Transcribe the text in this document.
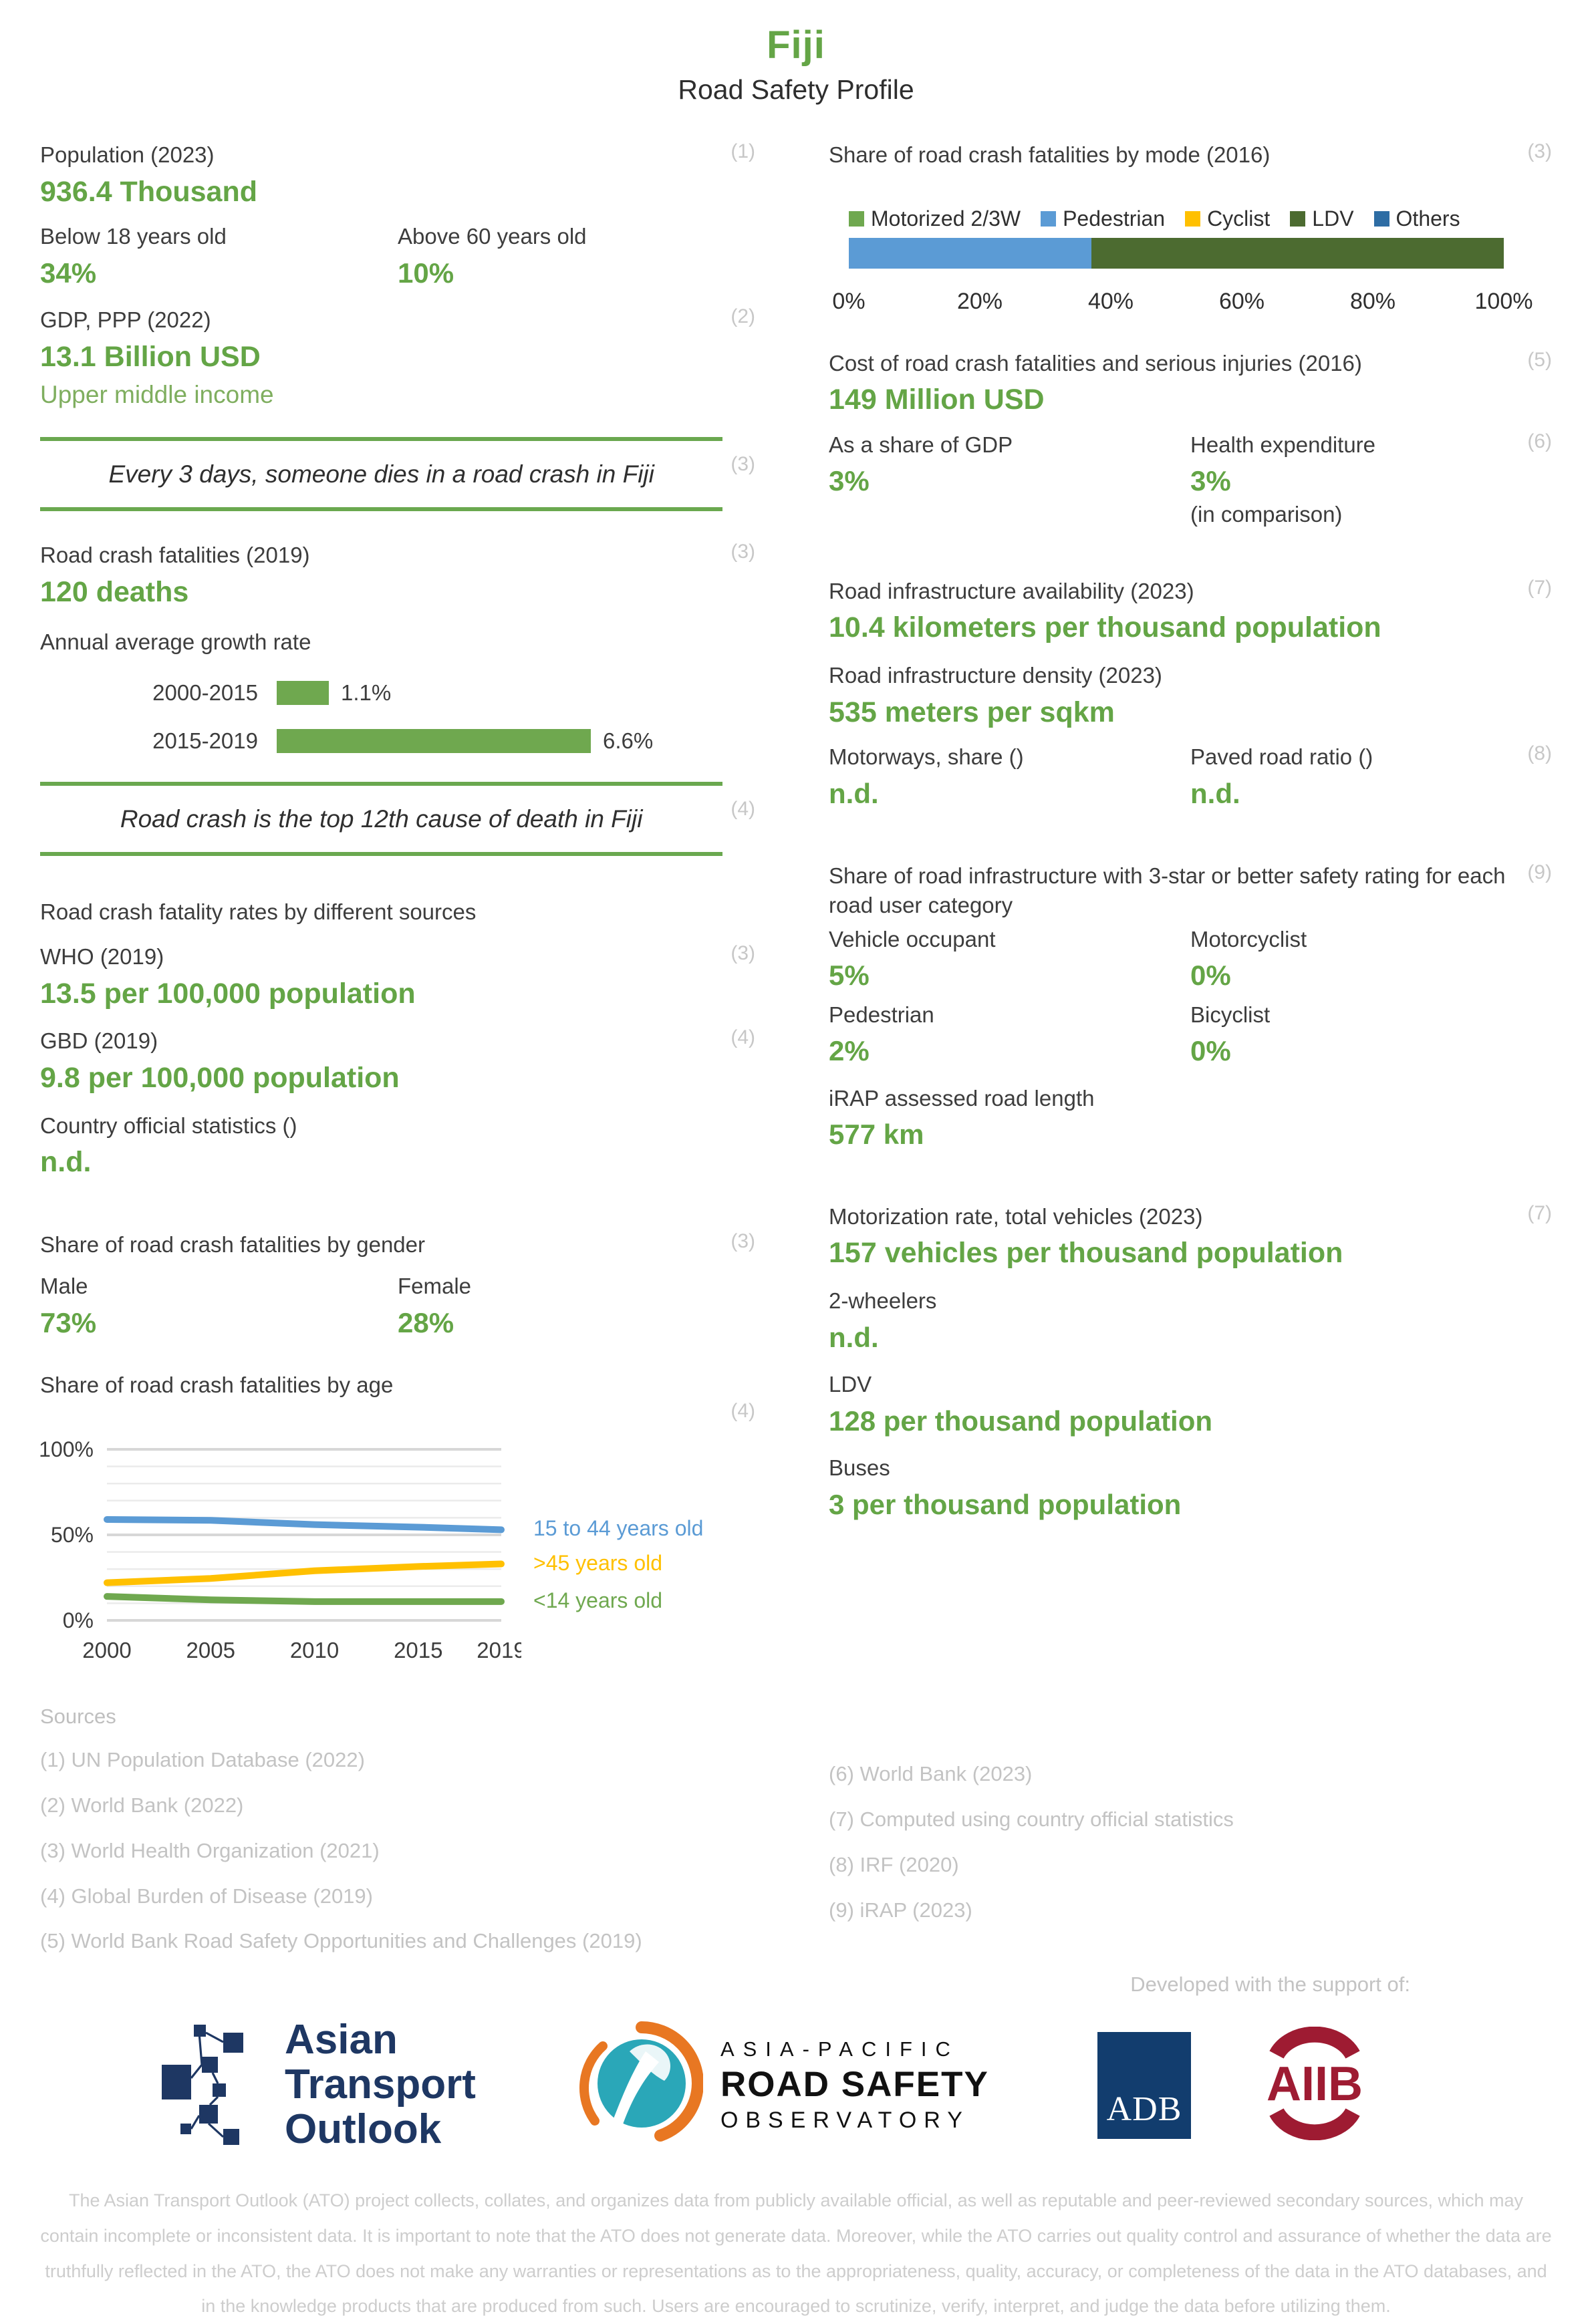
Fiji
Road Safety Profile
Population (2023)	(1)
936.4 Thousand
Below 18 years old
34%
Above 60 years old
10%
GDP, PPP (2022)	(2)
13.1 Billion USD
Upper middle income
Every 3 days, someone dies in a road crash in Fiji	(3)
Road crash fatalities (2019)	(3)
120 deaths
Annual average growth rate
2000-2015	1.1%
2015-2019	6.6%
Road crash is the top 12th cause of death in Fiji	(4)
Road crash fatality rates by different sources
WHO (2019)	(3)
13.5 per 100,000 population
GBD (2019)	(4)
9.8 per 100,000 population
Country official statistics ()
n.d.
Share of road crash fatalities by gender	(3)
Male
73%
Female
28%
Share of road crash fatalities by age
(4)
0%
50%
100%
2000 2005 2010 2015 2019
15 to 44 years old
>45 years old
<14 years old
Share of road crash fatalities by mode (2016)	(3)
Motorized 2/3W Pedestrian Cyclist LDV Others
0%	20%	40%	60%	80%	100%
Cost of road crash fatalities and serious injuries (2016)	(5)
149 Million USD
As a share of GDP
3%
Health expenditure	(6)
3%
(in comparison)
Road infrastructure availability (2023)	(7)
10.4 kilometers per thousand population
Road infrastructure density (2023)
535 meters per sqkm
Motorways, share ()
n.d.
Paved road ratio ()	(8)
n.d.
Share of road infrastructure with 3-star or better safety rating for each road user category
(9)
Vehicle occupant
5%
Motorcyclist
0%
Pedestrian
2%
Bicyclist
0%
iRAP assessed road length
577 km
Motorization rate, total vehicles (2023)	(7)
157 vehicles per thousand population
2-wheelers
n.d.
LDV
128 per thousand population
Buses
3 per thousand population
Sources
(1) UN Population Database (2022)
(2) World Bank (2022)
(3) World Health Organization (2021)
(4) Global Burden of Disease (2019)
(5) World Bank Road Safety Opportunities and Challenges (2019)
(6) World Bank (2023)
(7) Computed using country official statistics
(8) IRF (2020)
(9) iRAP (2023)
Developed with the support of:
Asian
Transport
Outlook
ASIA-PACIFIC
ROAD SAFETY
OBSERVATORY	ADB AIIB
The Asian Transport Outlook (ATO) project collects, collates, and organizes data from publicly available official, as well as reputable and peer-reviewed secondary sources, which may contain incomplete or inconsistent data. It is important to note that the ATO does not generate data. Moreover, while the ATO carries out quality control and assurance of whether the data are truthfully reflected in the ATO, the ATO does not make any warranties or representations as to the appropriateness, quality, accuracy, or completeness of the data in the ATO databases, and in the knowledge products that are produced from such. Users are encouraged to scrutinize, verify, interpret, and judge the data before utilizing them.
